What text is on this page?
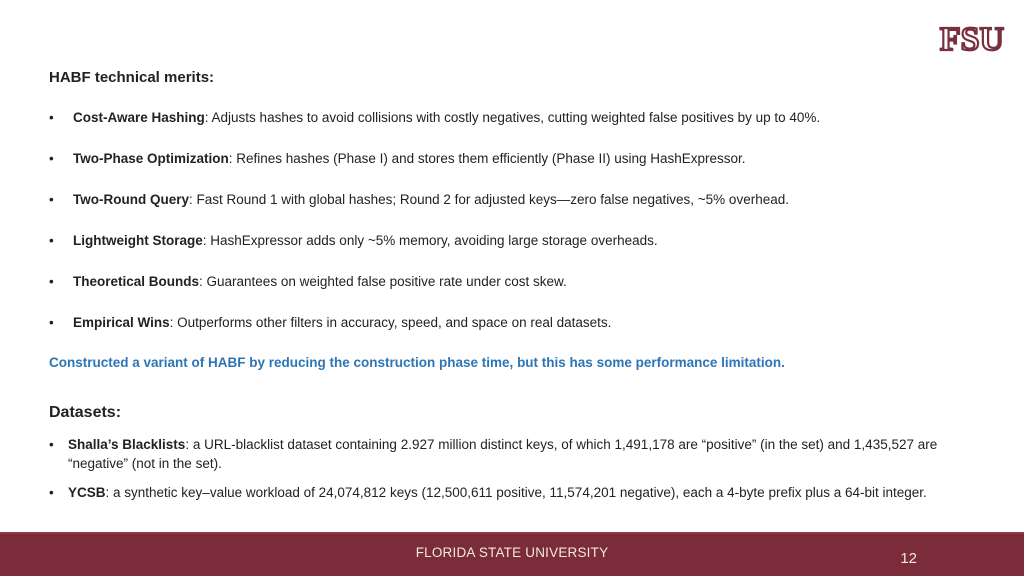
FSU
HABF technical merits:
•	Cost-Aware Hashing: Adjusts hashes to avoid collisions with costly negatives, cutting weighted false positives by up to 40%.
•	Two-Phase Optimization: Refines hashes (Phase I) and stores them efficiently (Phase II) using HashExpressor.
•	Two-Round Query: Fast Round 1 with global hashes; Round 2 for adjusted keys—zero false negatives, ~5% overhead.
•	Lightweight Storage: HashExpressor adds only ~5% memory, avoiding large storage overheads.
•	Theoretical Bounds: Guarantees on weighted false positive rate under cost skew.
•	Empirical Wins: Outperforms other filters in accuracy, speed, and space on real datasets.
Constructed a variant of HABF by reducing the construction phase time, but this has some performance limitation.
Datasets:
• Shalla’s Blacklists: a URL-blacklist dataset containing 2.927 million distinct keys, of which 1,491,178 are “positive” (in the set) and 1,435,527 are “negative” (not in the set).
• YCSB: a synthetic key–value workload of 24,074,812 keys (12,500,611 positive, 11,574,201 negative), each a 4-byte prefix plus a 64-bit integer.
FLORIDA STATE UNIVERSITY	12
